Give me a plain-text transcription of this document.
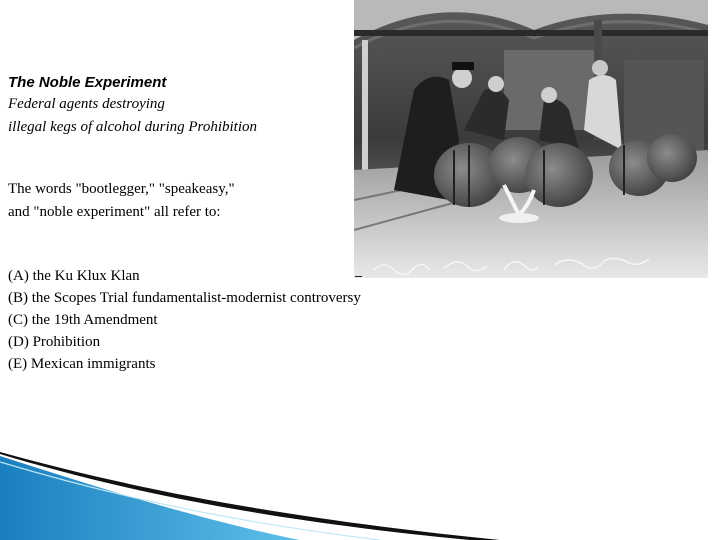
The Noble Experiment
Federal agents destroying
illegal kegs of alcohol during Prohibition
The words "bootlegger," "speakeasy,"
and "noble experiment" all refer to:
(A) the Ku Klux Klan
(B) the Scopes Trial fundamentalist-modernist controversy
(C) the 19th Amendment
(D) Prohibition
(E) Mexican immigrants
